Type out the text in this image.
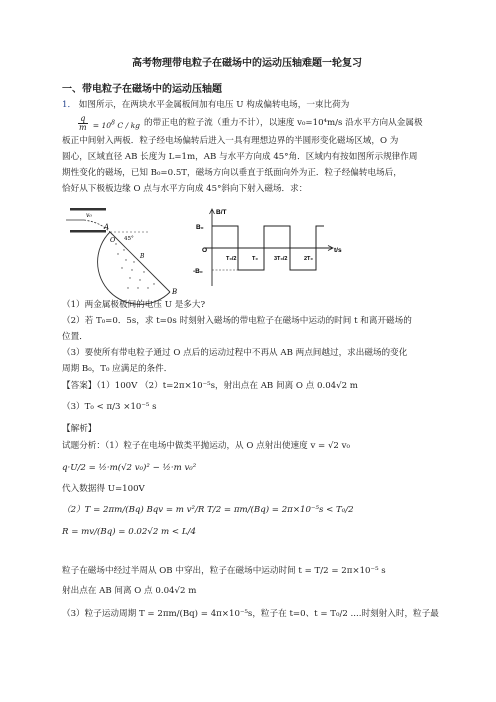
高考物理带电粒子在磁场中的运动压轴难题一轮复习
一、带电粒子在磁场中的运动压轴题
1． 如图所示，在两块水平金属板间加有电压 U 构成偏转电场，一束比荷为
$\frac{q}{m} = 10^8$ C / kg 的带正电的粒子流（重力不计），以速度 v₀=10⁴m/s 沿水平方向从金属极
板正中间射入两板．粒子经电场偏转后进入一具有理想边界的半圆形变化磁场区域，O 为
圆心，区域直径 AB 长度为 L=1m，AB 与水平方向成 45°角．区域内有按如图所示规律作周
期性变化的磁场，已知 B₀=0.5T，磁场方向以垂直于纸面向外为正．粒子经偏转电场后，
恰好从下极板边缘 O 点与水平方向成 45°斜向下射入磁场．求：
A
O
B
v₀
45°
B
B/T
t/s
B₀
O
-B₀
T₀/2	T₀	3T₀/2	2T₀
（1）两金属极板间的电压 U 是多大?
（2）若 T₀=0．5s，求 t=0s 时刻射入磁场的带电粒子在磁场中运动的时间 t 和离开磁场的
位置．
（3）要使所有带电粒子通过 O 点后的运动过程中不再从 AB 两点间越过，求出磁场的变化
周期 B₀，T₀ 应满足的条件．
【答案】（1）100V （2）t=2π×10⁻⁵s，射出点在 AB 间离 O 点 0.04√2 m
（3）T₀ < π/3 ×10⁻⁵ s
【解析】
试题分析：（1）粒子在电场中做类平抛运动，从 O 点射出使速度 v = √2 v₀
q·U/2 = ½·m(√2 v₀)² − ½·m v₀²
代入数据得 U=100V
（2）T = 2πm/(Bq) Bqv = m v²/R T/2 = πm/(Bq) = 2π×10⁻⁵s < T₀/2
R = mv/(Bq) = 0.02√2 m < L/4
粒子在磁场中经过半周从 OB 中穿出，粒子在磁场中运动时间 t = T/2 = 2π×10⁻⁵ s
射出点在 AB 间离 O 点 0.04√2 m
（3）粒子运动周期 T = 2πm/(Bq) = 4π×10⁻⁵s，粒子在 t=0、t = T₀/2 ....时刻射入时，粒子最
